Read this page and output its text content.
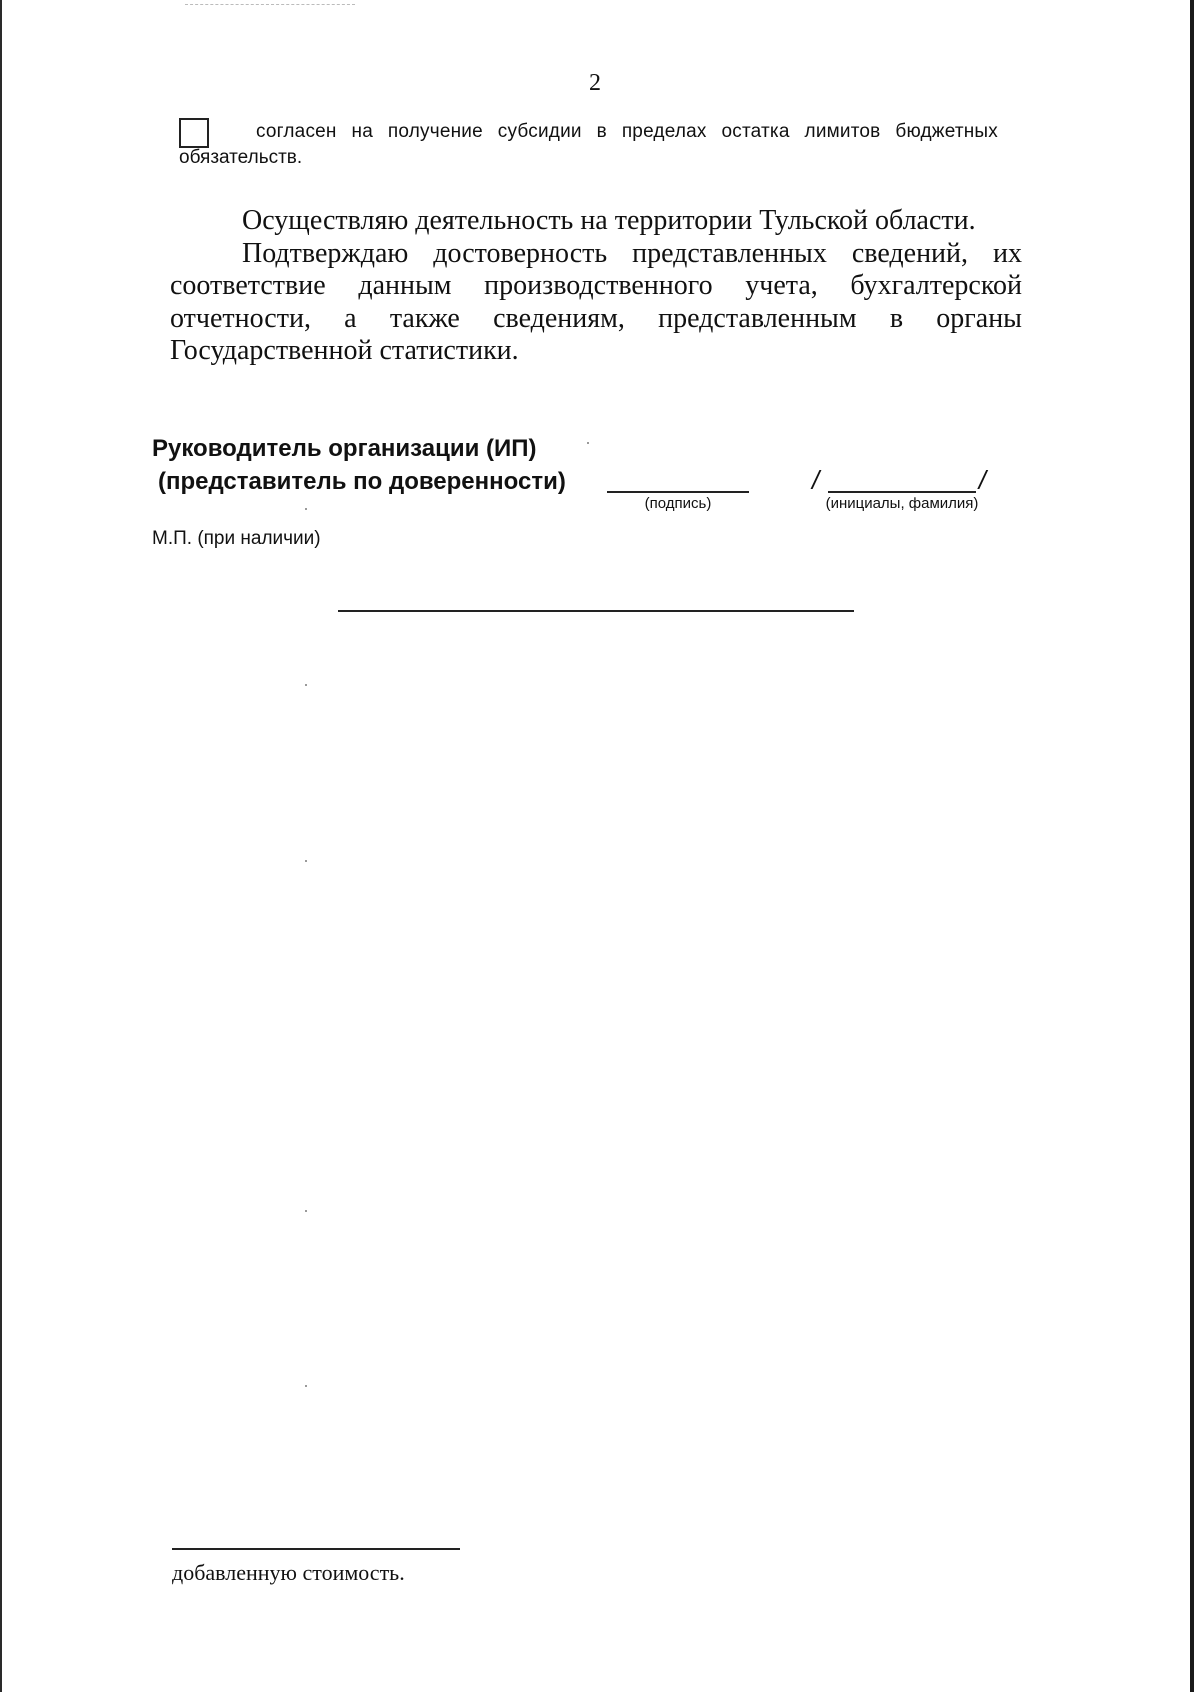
2
согласен на получение субсидии в пределах остатка лимитов бюджетных
обязательств.

Осуществляю деятельность на территории Тульской области.

Подтверждаю достоверность представленных сведений, их соответствие данным производственного учета, бухгалтерской отчетности, а также сведениям, представленным в органы Государственной статистики.

Руководитель организации (ИП)
(представитель по доверенности)
(подпись)
/	/
(инициалы, фамилия)
М.П. (при наличии)
добавленную стоимость.
